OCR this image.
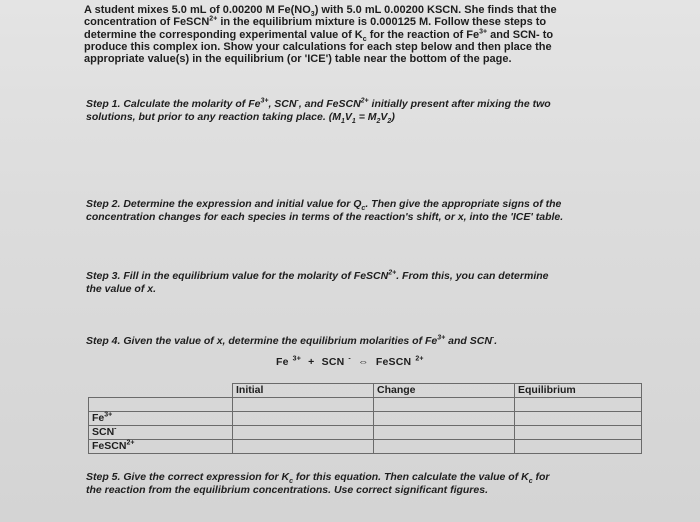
A student mixes 5.0 mL of 0.00200 M $Fe(NO_3)$ with 5.0 mL 0.00200 KSCN. She finds that the
concentration of FeSCN$^{2+}$ in the equilibrium mixture is 0.000125 M. Follow these steps to
determine the corresponding experimental value of $K_c$ for the reaction of $Fe^{3+}$ and SCN- to
produce this complex ion. Show your calculations for each step below and then place the
appropriate value(s) in the equilibrium (or 'ICE') table near the bottom of the page.
Step 1. Calculate the molarity of $Fe^{3+}$, SCN-, and FeSCN$^{2+}$ initially present after mixing the two
solutions, but prior to any reaction taking place. $(M_1V_1 = M_2V_2)$
Step 2. Determine the expression and initial value for $Q_c$. Then give the appropriate signs of the
concentration changes for each species in terms of the reaction's shift, or x, into the 'ICE' table.
Step 3. Fill in the equilibrium value for the molarity of FeSCN$^{2+}$. From this, you can determine
the value of x.
Step 4. Given the value of x, determine the equilibrium molarities of $Fe^{3+}$ and SCN-.
Fe $^{3+}$ + SCN - ⇔ FeSCN $^{2+}$
	Initial	Change	Equilibrium

$Fe^{3+}$			
SCN-			
FeSCN$^{2+}$			
Step 5. Give the correct expression for $K_c$ for this equation. Then calculate the value of $K_c$ for
the reaction from the equilibrium concentrations. Use correct significant figures.
